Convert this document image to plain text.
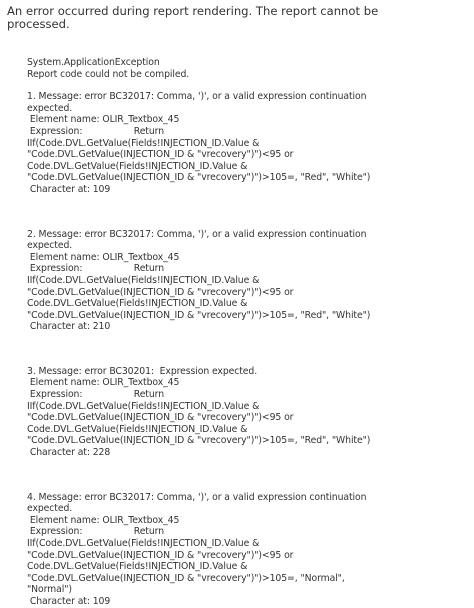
An error occurred during report rendering. The report cannot be
processed.
System.ApplicationException
Report code could not be compiled.
1. Message: error BC32017: Comma, ')', or a valid expression continuation
expected.
Element name: OLIR_Textbox_45
Expression:                  Return
IIf(Code.DVL.GetValue(Fields!INJECTION_ID.Value &
"Code.DVL.GetValue(INJECTION_ID & "vrecovery")")<95 or
Code.DVL.GetValue(Fields!INJECTION_ID.Value &
"Code.DVL.GetValue(INJECTION_ID & "vrecovery")")>105=, "Red", "White")
Character at: 109
2. Message: error BC32017: Comma, ')', or a valid expression continuation
expected.
Element name: OLIR_Textbox_45
Expression:                  Return
IIf(Code.DVL.GetValue(Fields!INJECTION_ID.Value &
"Code.DVL.GetValue(INJECTION_ID & "vrecovery")")<95 or
Code.DVL.GetValue(Fields!INJECTION_ID.Value &
"Code.DVL.GetValue(INJECTION_ID & "vrecovery")")>105=, "Red", "White")
Character at: 210
3. Message: error BC30201:  Expression expected.
Element name: OLIR_Textbox_45
Expression:                  Return
IIf(Code.DVL.GetValue(Fields!INJECTION_ID.Value &
"Code.DVL.GetValue(INJECTION_ID & "vrecovery")")<95 or
Code.DVL.GetValue(Fields!INJECTION_ID.Value &
"Code.DVL.GetValue(INJECTION_ID & "vrecovery")")>105=, "Red", "White")
Character at: 228
4. Message: error BC32017: Comma, ')', or a valid expression continuation
expected.
Element name: OLIR_Textbox_45
Expression:                  Return
IIf(Code.DVL.GetValue(Fields!INJECTION_ID.Value &
"Code.DVL.GetValue(INJECTION_ID & "vrecovery")")<95 or
Code.DVL.GetValue(Fields!INJECTION_ID.Value &
"Code.DVL.GetValue(INJECTION_ID & "vrecovery")")>105=, "Normal",
"Normal")
Character at: 109
